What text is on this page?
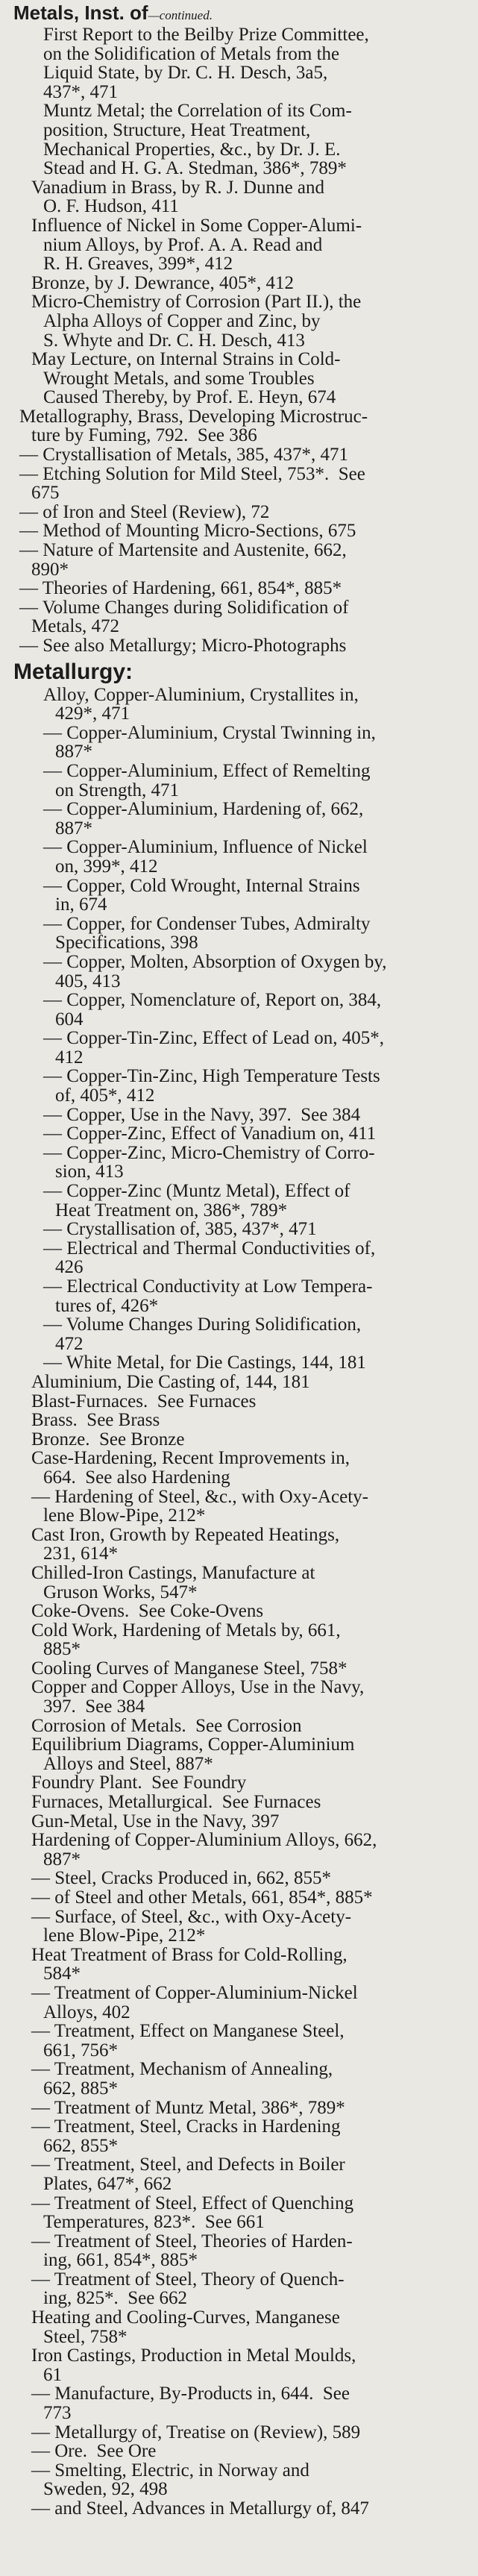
Metals, Inst. of—continued.
First Report to the Beilby Prize Committee,
on the Solidification of Metals from the
Liquid State, by Dr. C. H. Desch, 3a5,
437*, 471
Muntz Metal; the Correlation of its Com-
position, Structure, Heat Treatment,
Mechanical Properties, &c., by Dr. J. E.
Stead and H. G. A. Stedman, 386*, 789*
Vanadium in Brass, by R. J. Dunne and
O. F. Hudson, 411
Influence of Nickel in Some Copper-Alumi-
nium Alloys, by Prof. A. A. Read and
R. H. Greaves, 399*, 412
Bronze, by J. Dewrance, 405*, 412
Micro-Chemistry of Corrosion (Part II.), the
Alpha Alloys of Copper and Zinc, by
S. Whyte and Dr. C. H. Desch, 413
May Lecture, on Internal Strains in Cold-
Wrought Metals, and some Troubles
Caused Thereby, by Prof. E. Heyn, 674
Metallography, Brass, Developing Microstruc-
ture by Fuming, 792.  See 386
— Crystallisation of Metals, 385, 437*, 471
— Etching Solution for Mild Steel, 753*.  See
675
— of Iron and Steel (Review), 72
— Method of Mounting Micro-Sections, 675
— Nature of Martensite and Austenite, 662,
890*
— Theories of Hardening, 661, 854*, 885*
— Volume Changes during Solidification of
Metals, 472
— See also Metallurgy; Micro-Photographs
Metallurgy:
Alloy, Copper-Aluminium, Crystallites in,
429*, 471
— Copper-Aluminium, Crystal Twinning in,
887*
— Copper-Aluminium, Effect of Remelting
on Strength, 471
— Copper-Aluminium, Hardening of, 662,
887*
— Copper-Aluminium, Influence of Nickel
on, 399*, 412
— Copper, Cold Wrought, Internal Strains
in, 674
— Copper, for Condenser Tubes, Admiralty
Specifications, 398
— Copper, Molten, Absorption of Oxygen by,
405, 413
— Copper, Nomenclature of, Report on, 384,
604
— Copper-Tin-Zinc, Effect of Lead on, 405*,
412
— Copper-Tin-Zinc, High Temperature Tests
of, 405*, 412
— Copper, Use in the Navy, 397.  See 384
— Copper-Zinc, Effect of Vanadium on, 411
— Copper-Zinc, Micro-Chemistry of Corro-
sion, 413
— Copper-Zinc (Muntz Metal), Effect of
Heat Treatment on, 386*, 789*
— Crystallisation of, 385, 437*, 471
— Electrical and Thermal Conductivities of,
426
— Electrical Conductivity at Low Tempera-
tures of, 426*
— Volume Changes During Solidification,
472
— White Metal, for Die Castings, 144, 181
Aluminium, Die Casting of, 144, 181
Blast-Furnaces.  See Furnaces
Brass.  See Brass
Bronze.  See Bronze
Case-Hardening, Recent Improvements in,
664.  See also Hardening
— Hardening of Steel, &c., with Oxy-Acety-
lene Blow-Pipe, 212*
Cast Iron, Growth by Repeated Heatings,
231, 614*
Chilled-Iron Castings, Manufacture at
Gruson Works, 547*
Coke-Ovens.  See Coke-Ovens
Cold Work, Hardening of Metals by, 661,
885*
Cooling Curves of Manganese Steel, 758*
Copper and Copper Alloys, Use in the Navy,
397.  See 384
Corrosion of Metals.  See Corrosion
Equilibrium Diagrams, Copper-Aluminium
Alloys and Steel, 887*
Foundry Plant.  See Foundry
Furnaces, Metallurgical.  See Furnaces
Gun-Metal, Use in the Navy, 397
Hardening of Copper-Aluminium Alloys, 662,
887*
— Steel, Cracks Produced in, 662, 855*
— of Steel and other Metals, 661, 854*, 885*
— Surface, of Steel, &c., with Oxy-Acety-
lene Blow-Pipe, 212*
Heat Treatment of Brass for Cold-Rolling,
584*
— Treatment of Copper-Aluminium-Nickel
Alloys, 402
— Treatment, Effect on Manganese Steel,
661, 756*
— Treatment, Mechanism of Annealing,
662, 885*
— Treatment of Muntz Metal, 386*, 789*
— Treatment, Steel, Cracks in Hardening
662, 855*
— Treatment, Steel, and Defects in Boiler
Plates, 647*, 662
— Treatment of Steel, Effect of Quenching
Temperatures, 823*.  See 661
— Treatment of Steel, Theories of Harden-
ing, 661, 854*, 885*
— Treatment of Steel, Theory of Quench-
ing, 825*.  See 662
Heating and Cooling-Curves, Manganese
Steel, 758*
Iron Castings, Production in Metal Moulds,
61
— Manufacture, By-Products in, 644.  See
773
— Metallurgy of, Treatise on (Review), 589
— Ore.  See Ore
— Smelting, Electric, in Norway and
Sweden, 92, 498
— and Steel, Advances in Metallurgy of, 847
